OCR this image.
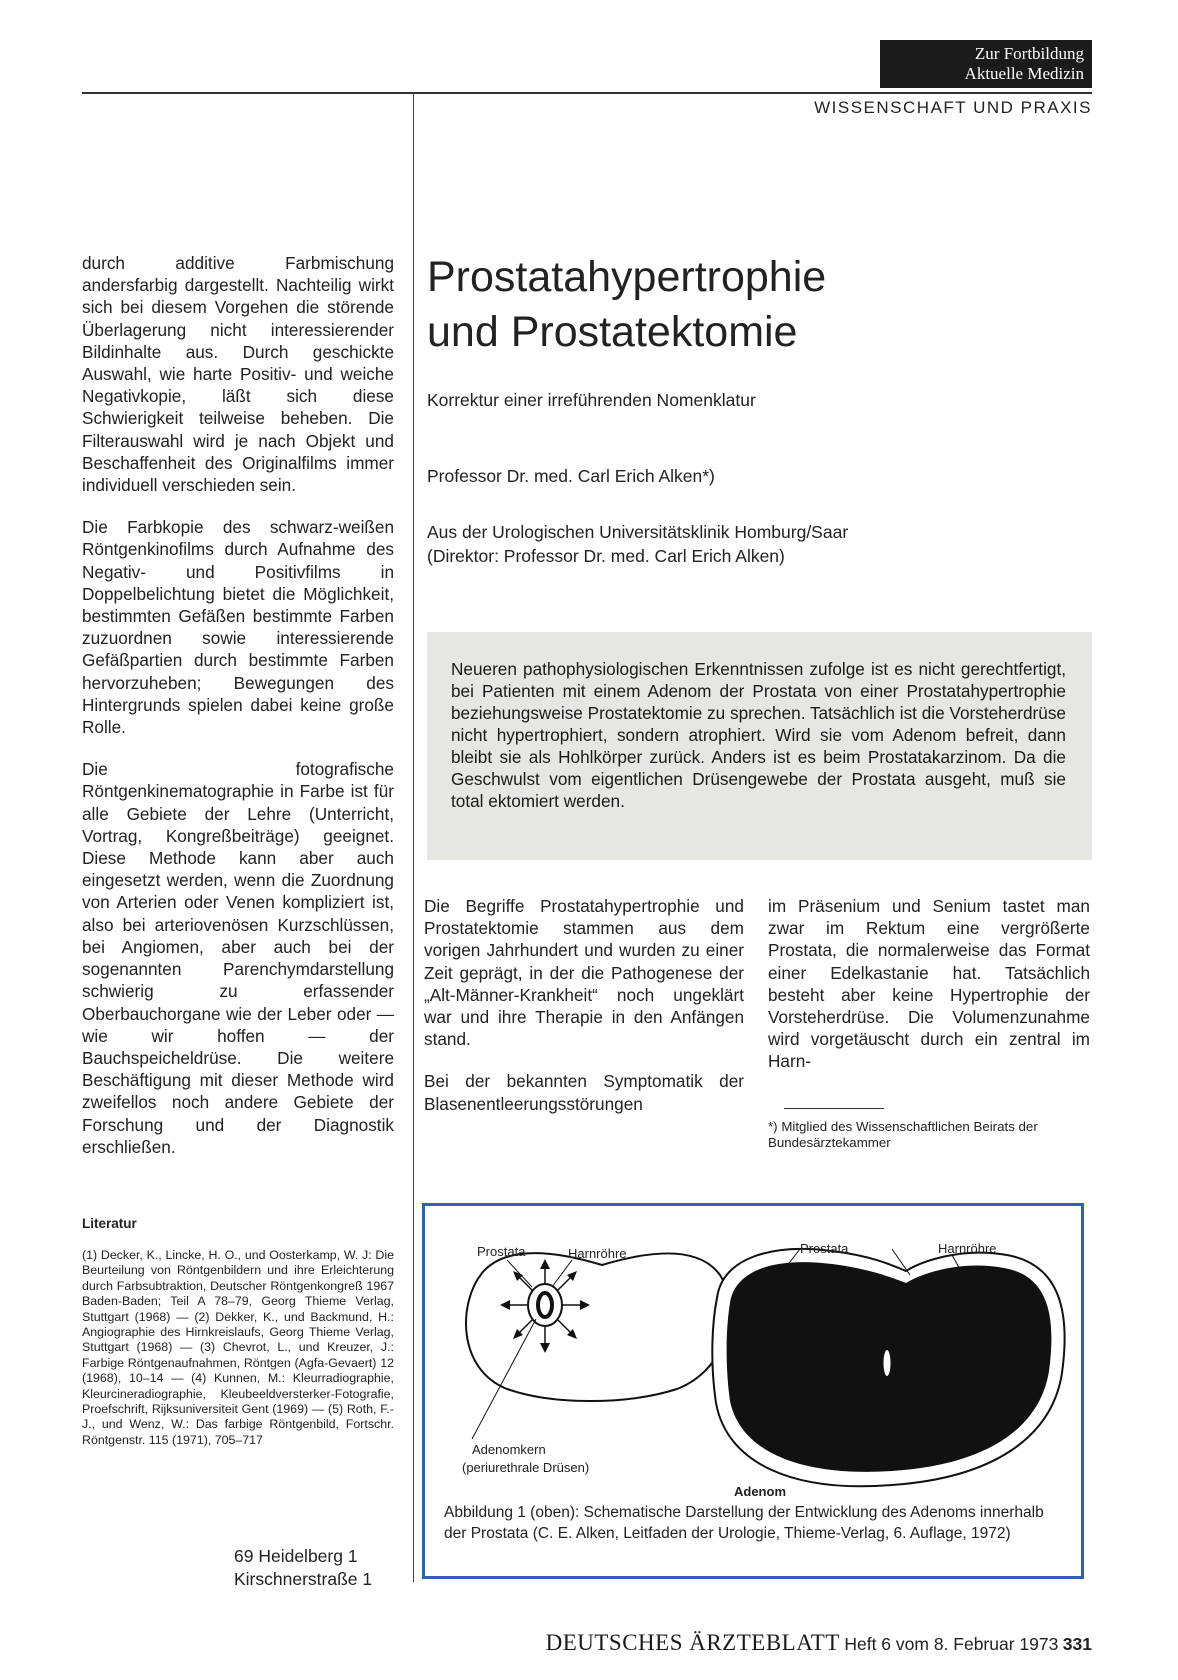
Zur Fortbildung
Aktuelle Medizin
WISSENSCHAFT UND PRAXIS

durch additive Farbmischung andersfarbig dargestellt. Nachteilig wirkt sich bei diesem Vorgehen die störende Überlagerung nicht interessierender Bildinhalte aus. Durch geschickte Auswahl, wie harte Positiv- und weiche Negativkopie, läßt sich diese Schwierigkeit teilweise beheben. Die Filterauswahl wird je nach Objekt und Beschaffenheit des Originalfilms immer individuell verschieden sein.

Die Farbkopie des schwarz-weißen Röntgenkinofilms durch Aufnahme des Negativ- und Positivfilms in Doppelbelichtung bietet die Möglichkeit, bestimmten Gefäßen bestimmte Farben zuzuordnen sowie interessierende Gefäßpartien durch bestimmte Farben hervorzuheben; Bewegungen des Hintergrunds spielen dabei keine große Rolle.

Die fotografische Röntgenkinematographie in Farbe ist für alle Gebiete der Lehre (Unterricht, Vortrag, Kongreßbeiträge) geeignet. Diese Methode kann aber auch eingesetzt werden, wenn die Zuordnung von Arterien oder Venen kompliziert ist, also bei arteriovenösen Kurzschlüssen, bei Angiomen, aber auch bei der sogenannten Parenchymdarstellung schwierig zu erfassender Oberbauchorgane wie der Leber oder — wie wir hoffen — der Bauchspeicheldrüse. Die weitere Beschäftigung mit dieser Methode wird zweifellos noch andere Gebiete der Forschung und der Diagnostik erschließen.

Literatur
(1) Decker, K., Lincke, H. O., und Oosterkamp, W. J: Die Beurteilung von Röntgenbildern und ihre Erleichterung durch Farbsubtraktion, Deutscher Röntgenkongreß 1967 Baden-Baden; Teil A 78–79, Georg Thieme Verlag, Stuttgart (1968) — (2) Dekker, K., und Backmund, H.: Angiographie des Hirnkreislaufs, Georg Thieme Verlag, Stuttgart (1968) — (3) Chevrot, L., und Kreuzer, J.: Farbige Röntgenaufnahmen, Röntgen (Agfa-Gevaert) 12 (1968), 10–14 — (4) Kunnen, M.: Kleurradiographie, Kleurcineradiographie, Kleubeeldversterker-Fotografie, Proefschrift, Rijksuniversiteit Gent (1969) — (5) Roth, F.-J., und Wenz, W.: Das farbige Röntgenbild, Fortschr. Röntgenstr. 115 (1971), 705–717
69 Heidelberg 1
Kirschnerstraße 1
Prostatahypertrophie
und Prostatektomie
Korrektur einer irreführenden Nomenklatur
Professor Dr. med. Carl Erich Alken*)
Aus der Urologischen Universitätsklinik Homburg/Saar
(Direktor: Professor Dr. med. Carl Erich Alken)
Neueren pathophysiologischen Erkenntnissen zufolge ist es nicht gerechtfertigt, bei Patienten mit einem Adenom der Prostata von einer Prostatahypertrophie beziehungsweise Prostatektomie zu sprechen. Tatsächlich ist die Vorsteherdrüse nicht hypertrophiert, sondern atrophiert. Wird sie vom Adenom befreit, dann bleibt sie als Hohlkörper zurück. Anders ist es beim Prostatakarzinom. Da die Geschwulst vom eigentlichen Drüsengewebe der Prostata ausgeht, muß sie total ektomiert werden.

Die Begriffe Prostatahypertrophie und Prostatektomie stammen aus dem vorigen Jahrhundert und wurden zu einer Zeit geprägt, in der die Pathogenese der „Alt-Männer-Krankheit“ noch ungeklärt war und ihre Therapie in den Anfängen stand.

Bei der bekannten Symptomatik der Blasenentleerungsstörungen

im Präsenium und Senium tastet man zwar im Rektum eine vergrößerte Prostata, die normalerweise das Format einer Edelkastanie hat. Tatsächlich besteht aber keine Hypertrophie der Vorsteherdrüse. Die Volumenzunahme wird vorgetäuscht durch ein zentral im Harn-

*) Mitglied des Wissenschaftlichen Beirats der Bundesärztekammer
Prostata	Harnröhre
Adenomkern
(periurethrale Drüsen)
Prostata	Harnröhre
Adenom
Abbildung 1 (oben): Schematische Darstellung der Entwicklung des Adenoms innerhalb der Prostata (C. E. Alken, Leitfaden der Urologie, Thieme-Verlag, 6. Auflage, 1972)
DEUTSCHES ÄRZTEBLATT Heft 6 vom 8. Februar 1973 331
